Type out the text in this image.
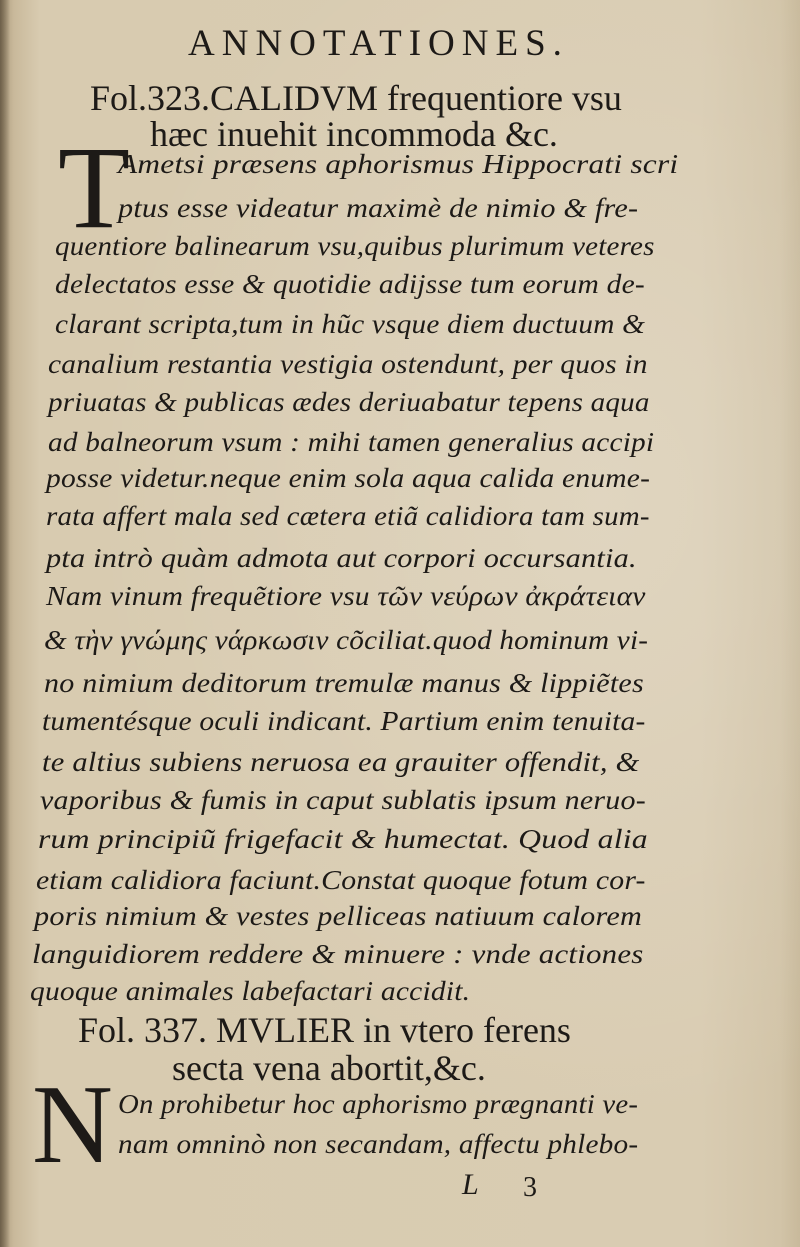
ANNOTATIONES.
Fol.323.CALIDVM frequentiore vsu
hæc inuehit incommoda &c.
T
Ametsi præsens aphorismus Hippocrati scri
ptus esse videatur maximè de nimio & fre-
quentiore balinearum vsu,quibus plurimum veteres
delectatos esse & quotidie adijsse tum eorum de-
clarant scripta,tum in hũc vsque diem ductuum &
canalium restantia vestigia ostendunt, per quos in
priuatas & publicas ædes deriuabatur tepens aqua
ad balneorum vsum : mihi tamen generalius accipi
posse videtur.neque enim sola aqua calida enume-
rata affert mala sed cætera etiã calidiora tam sum-
pta intrò quàm admota aut corpori occursantia.
Nam vinum frequẽtiore vsu τῶν νεύρων ἀκράτειαν
& τὴν γνώμης νάρκωσιν cõciliat.quod hominum vi-
no nimium deditorum tremulæ manus & lippiẽtes
tumentésque oculi indicant. Partium enim tenuita-
te altius subiens neruosa ea grauiter offendit, &
vaporibus & fumis in caput sublatis ipsum neruo-
rum principiũ frigefacit & humectat. Quod alia
etiam calidiora faciunt.Constat quoque fotum cor-
poris nimium & vestes pelliceas natiuum calorem
languidiorem reddere & minuere : vnde actiones
quoque animales labefactari accidit.
Fol. 337. MVLIER in vtero ferens
secta vena abortit,&c.
N On prohibetur hoc aphorismo prægnanti ve-
nam omninò non secandam, affectu phlebo-
L 3
